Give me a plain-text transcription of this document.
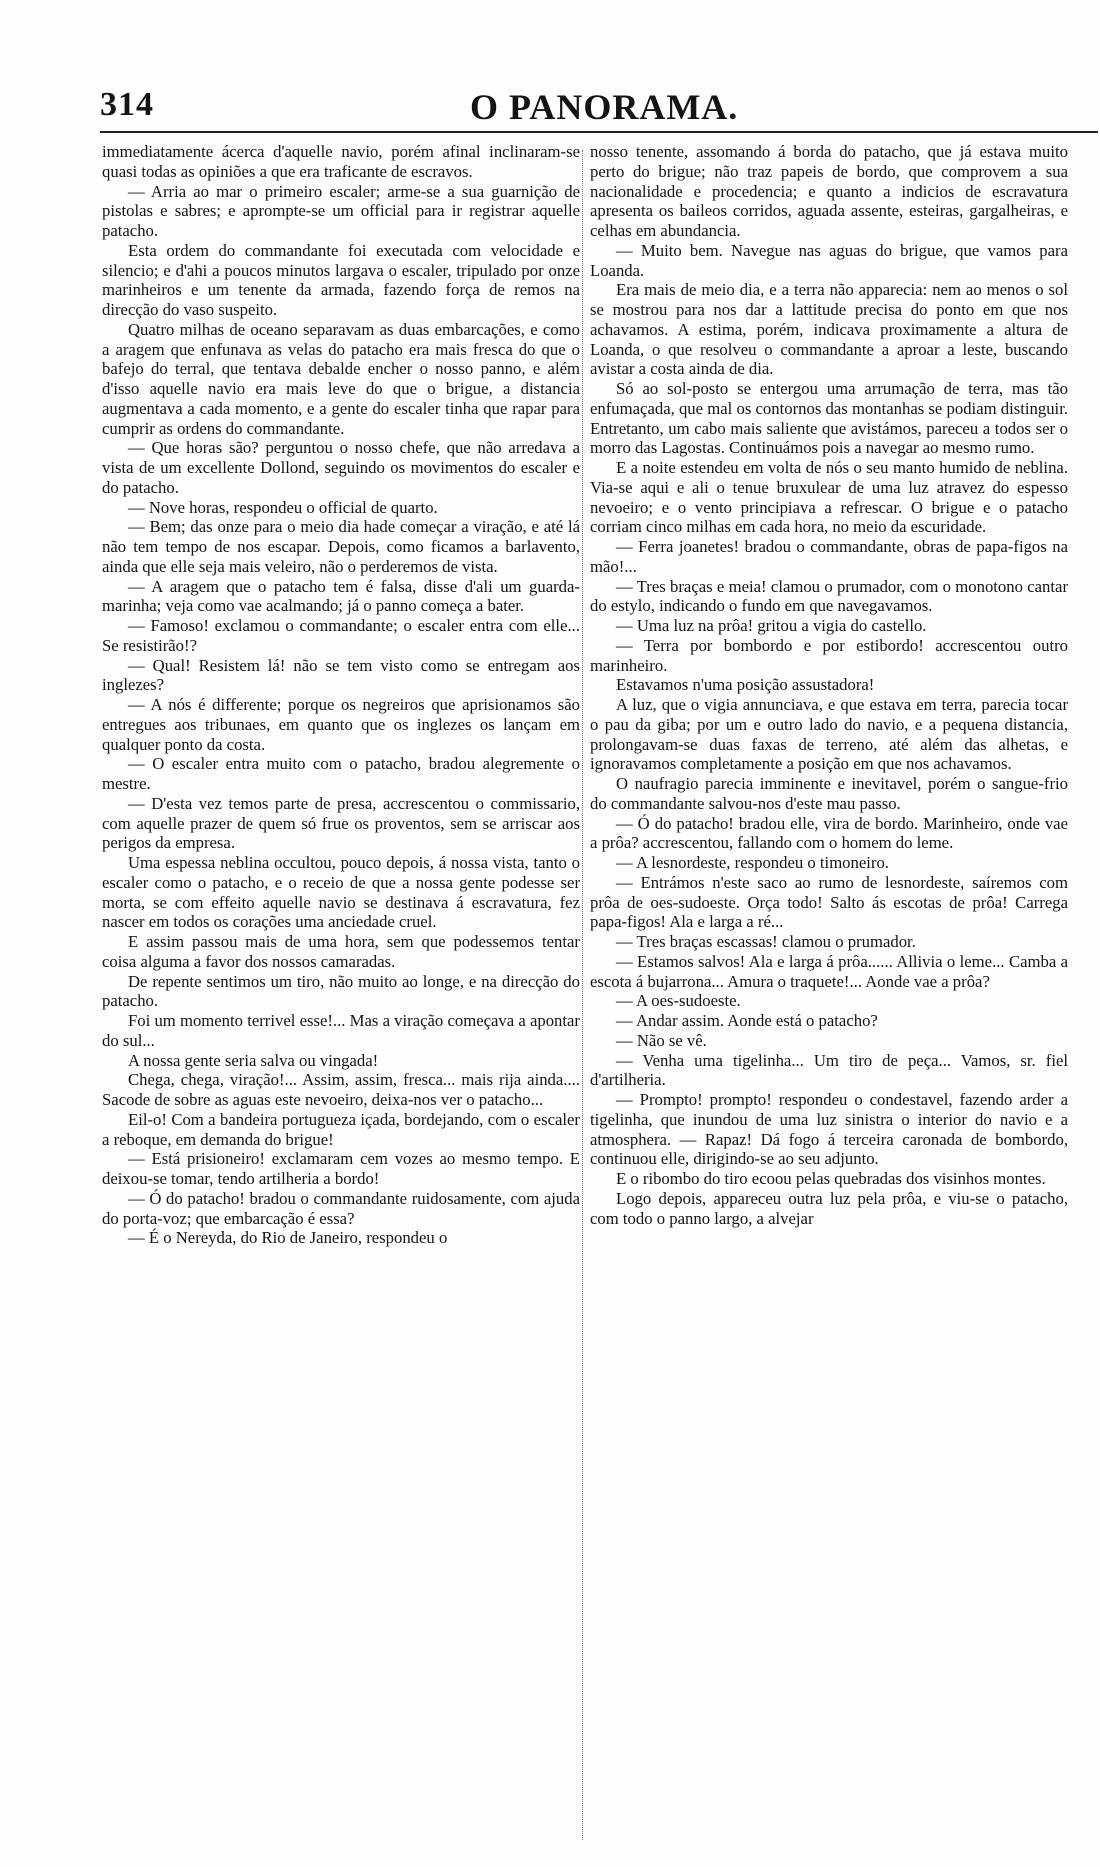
314	O PANORAMA.

immediatamente ácerca d'aquelle navio, porém afinal inclinaram-se quasi todas as opiniões a que era traficante de escravos.

— Arria ao mar o primeiro escaler; arme-se a sua guarnição de pistolas e sabres; e apromptе-se um official para ir registrar aquelle patacho.

Esta ordem do commandante foi executada com velocidade e silencio; e d'ahi a poucos minutos largava o escaler, tripulado por onze marinheiros e um tenente da armada, fazendo força de remos na direcção do vaso suspeito.

Quatro milhas de oceano separavam as duas embarcações, e como a aragem que enfunava as velas do patacho era mais fresca do que o bafejo do terral, que tentava debalde encher o nosso panno, e além d'isso aquelle navio era mais leve do que o brigue, a distancia augmentava a cada momento, e a gente do escaler tinha que rapar para cumprir as ordens do commandante.

— Que horas são? perguntou o nosso chefe, que não arredava a vista de um excellente Dollond, seguindo os movimentos do escaler e do patacho.

— Nove horas, respondeu o official de quarto.

— Bem; das onze para o meio dia hade começar a viração, e até lá não tem tempo de nos escapar. Depois, como ficamos a barlavento, ainda que elle seja mais veleiro, não o perderemos de vista.

— A aragem que o patacho tem é falsa, disse d'ali um guarda-marinha; veja como vae acalmando; já o panno começa a bater.

— Famoso! exclamou o commandante; o escaler entra com elle... Se resistirão!?

— Qual! Resistem lá! não se tem visto como se entregam aos inglezes?

— A nós é differente; porque os negreiros que aprisionamos são entregues aos tribunaes, em quanto que os inglezes os lançam em qualquer ponto da costa.

— O escaler entra muito com o patacho, bradou alegremente o mestre.

— D'esta vez temos parte de presa, accrescentou o commissario, com aquelle prazer de quem só frue os proventos, sem se arriscar aos perigos da empresa.

Uma espessa neblina occultou, pouco depois, á nossa vista, tanto o escaler como o patacho, e o receio de que a nossa gente podesse ser morta, se com effeito aquelle navio se destinava á escravatura, fez nascer em todos os corações uma anciedade cruel.

E assim passou mais de uma hora, sem que podessemos tentar coisa alguma a favor dos nossos camaradas.

De repente sentimos um tiro, não muito ao longe, e na direcção do patacho.

Foi um momento terrivel esse!... Mas a viração começava a apontar do sul...

A nossa gente seria salva ou vingada!

Chega, chega, viração!... Assim, assim, fresca... mais rija ainda.... Sacode de sobre as aguas este nevoeiro, deixa-nos ver o patacho...

Eil-o! Com a bandeira portugueza içada, bordejando, com o escaler a reboque, em demanda do brigue!

— Está prisioneiro! exclamaram cem vozes ao mesmo tempo. E deixou-se tomar, tendo artilheria a bordo!

— Ó do patacho! bradou o commandante ruidosamente, com ajuda do porta-voz; que embarcação é essa?

— É o Nereyda, do Rio de Janeiro, respondeu o

nosso tenente, assomando á borda do patacho, que já estava muito perto do brigue; não traz papeis de bordo, que comprovem a sua nacionalidade e procedencia; e quanto a indicios de escravatura apresenta os baileos corridos, aguada assente, esteiras, gargalheiras, e celhas em abundancia.

— Muito bem. Navegue nas aguas do brigue, que vamos para Loanda.

Era mais de meio dia, e a terra não apparecia: nem ao menos o sol se mostrou para nos dar a lattitude precisa do ponto em que nos achavamos. A estima, porém, indicava proximamente a altura de Loanda, o que resolveu o commandante a aproar a leste, buscando avistar a costa ainda de dia.

Só ao sol-posto se entergou uma arrumação de terra, mas tão enfumaçada, que mal os contornos das montanhas se podiam distinguir. Entretanto, um cabo mais saliente que avistámos, pareceu a todos ser o morro das Lagostas. Continuámos pois a navegar ao mesmo rumo.

E a noite estendeu em volta de nós o seu manto humido de neblina. Via-se aqui e ali o tenue bruxulear de uma luz atravez do espesso nevoeiro; e o vento principiava a refrescar. O brigue e o patacho corriam cinco milhas em cada hora, no meio da escuridade.

— Ferra joanetes! bradou o commandante, obras de papa-figos na mão!...

— Tres braças e meia! clamou o prumador, com o monotono cantar do estylo, indicando o fundo em que navegavamos.

— Uma luz na prôa! gritou a vigia do castello.

— Terra por bombordo e por estibordo! accrescentou outro marinheiro.

Estavamos n'uma posição assustadora!

A luz, que o vigia annunciava, e que estava em terra, parecia tocar o pau da giba; por um e outro lado do navio, e a pequena distancia, prolongavam-se duas faxas de terreno, até além das alhetas, e ignoravamos completamente a posição em que nos achavamos.

O naufragio parecia imminente e inevitavel, porém o sangue-frio do commandante salvou-nos d'este mau passo.

— Ó do patacho! bradou elle, vira de bordo. Marinheiro, onde vae a prôa? accrescentou, fallando com o homem do leme.

— A lesnordeste, respondeu o timoneiro.

— Entrámos n'este saco ao rumo de lesnordeste, saíremos com prôa de oes-sudoeste. Orça todo! Salto ás escotas de prôa! Carrega papa-figos! Ala e larga a ré...

— Tres braças escassas! clamou o prumador.

— Estamos salvos! Ala e larga á prôa...... Allivia o leme... Camba a escota á bujarrona... Amura o traquete!... Aonde vae a prôa?

— A oes-sudoeste.

— Andar assim. Aonde está o patacho?

— Não se vê.

— Venha uma tigelinha... Um tiro de peça... Vamos, sr. fiel d'artilheria.

— Prompto! prompto! respondeu o condestavel, fazendo arder a tigelinha, que inundou de uma luz sinistra o interior do navio e a atmosphera. — Rapaz! Dá fogo á terceira caronada de bombordo, continuou elle, dirigindo-se ao seu adjunto.

E o ribombo do tiro ecoou pelas quebradas dos visinhos montes.

Logo depois, appareceu outra luz pela prôa, e viu-se o patacho, com todo o panno largo, a alvejar
